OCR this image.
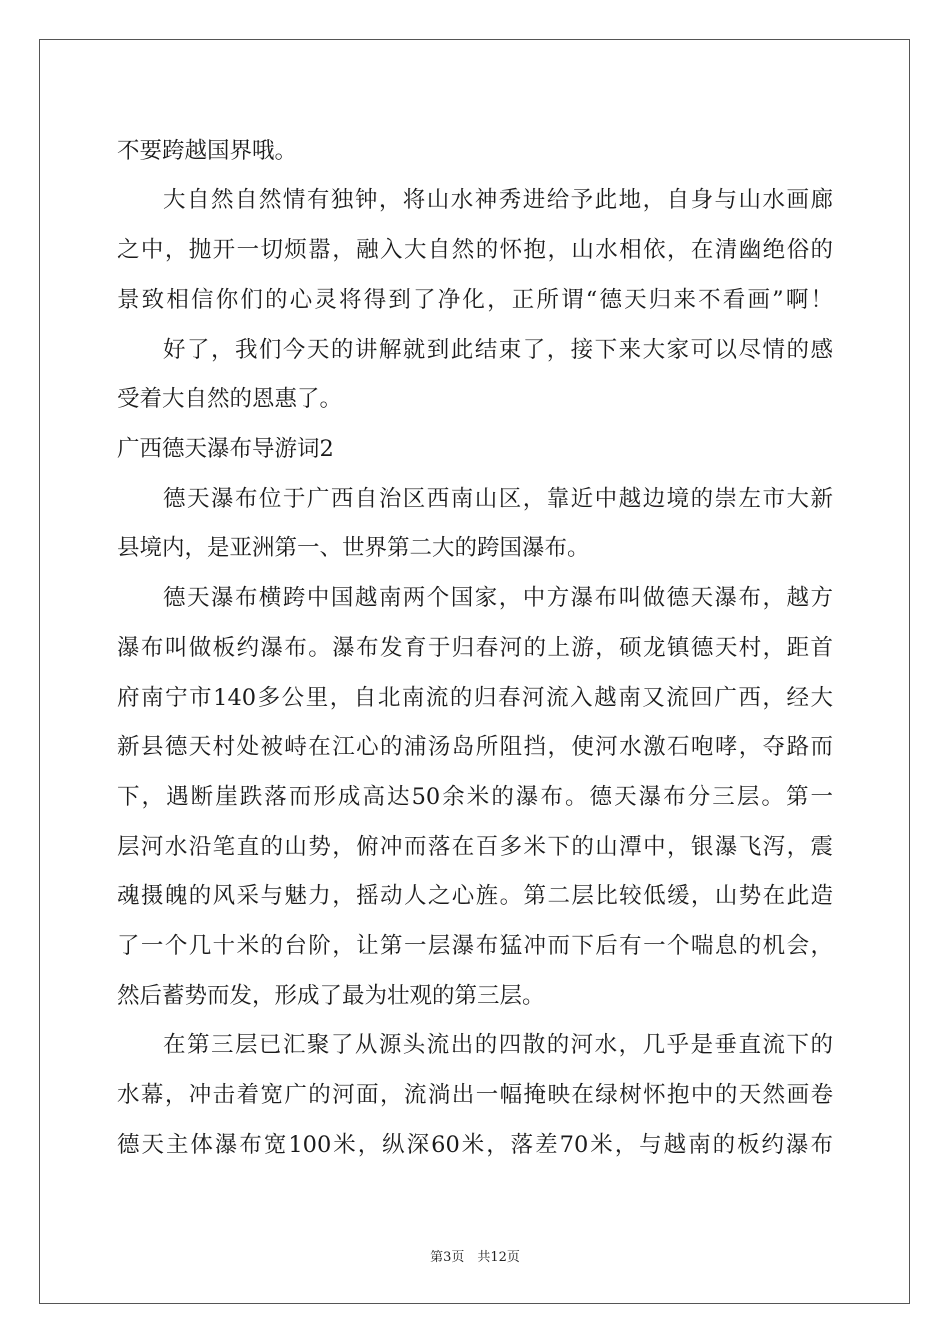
不要跨越国界哦。
大自然自然情有独钟，将山水神秀进给予此地，自身与山水画廊
之中，抛开一切烦嚣，融入大自然的怀抱，山水相依，在清幽绝俗的
景致相信你们的心灵将得到了净化，正所谓“德天归来不看画”啊！
好了，我们今天的讲解就到此结束了，接下来大家可以尽情的感
受着大自然的恩惠了。
广西德天瀑布导游词2
德天瀑布位于广西自治区西南山区，靠近中越边境的崇左市大新
县境内，是亚洲第一、世界第二大的跨国瀑布。
德天瀑布横跨中国越南两个国家，中方瀑布叫做德天瀑布，越方
瀑布叫做板约瀑布。瀑布发育于归春河的上游，硕龙镇德天村，距首
府南宁市140多公里，自北南流的归春河流入越南又流回广西，经大
新县德天村处被峙在江心的浦汤岛所阻挡，使河水激石咆哮，夺路而
下，遇断崖跌落而形成高达50余米的瀑布。德天瀑布分三层。第一
层河水沿笔直的山势，俯冲而落在百多米下的山潭中，银瀑飞泻，震
魂摄魄的风采与魅力，摇动人之心旌。第二层比较低缓，山势在此造
了一个几十米的台阶，让第一层瀑布猛冲而下后有一个喘息的机会，
然后蓄势而发，形成了最为壮观的第三层。
在第三层已汇聚了从源头流出的四散的河水，几乎是垂直流下的
水幕，冲击着宽广的河面，流淌出一幅掩映在绿树怀抱中的天然画卷
德天主体瀑布宽100米，纵深60米，落差70米，与越南的板约瀑布
第3页　共12页
